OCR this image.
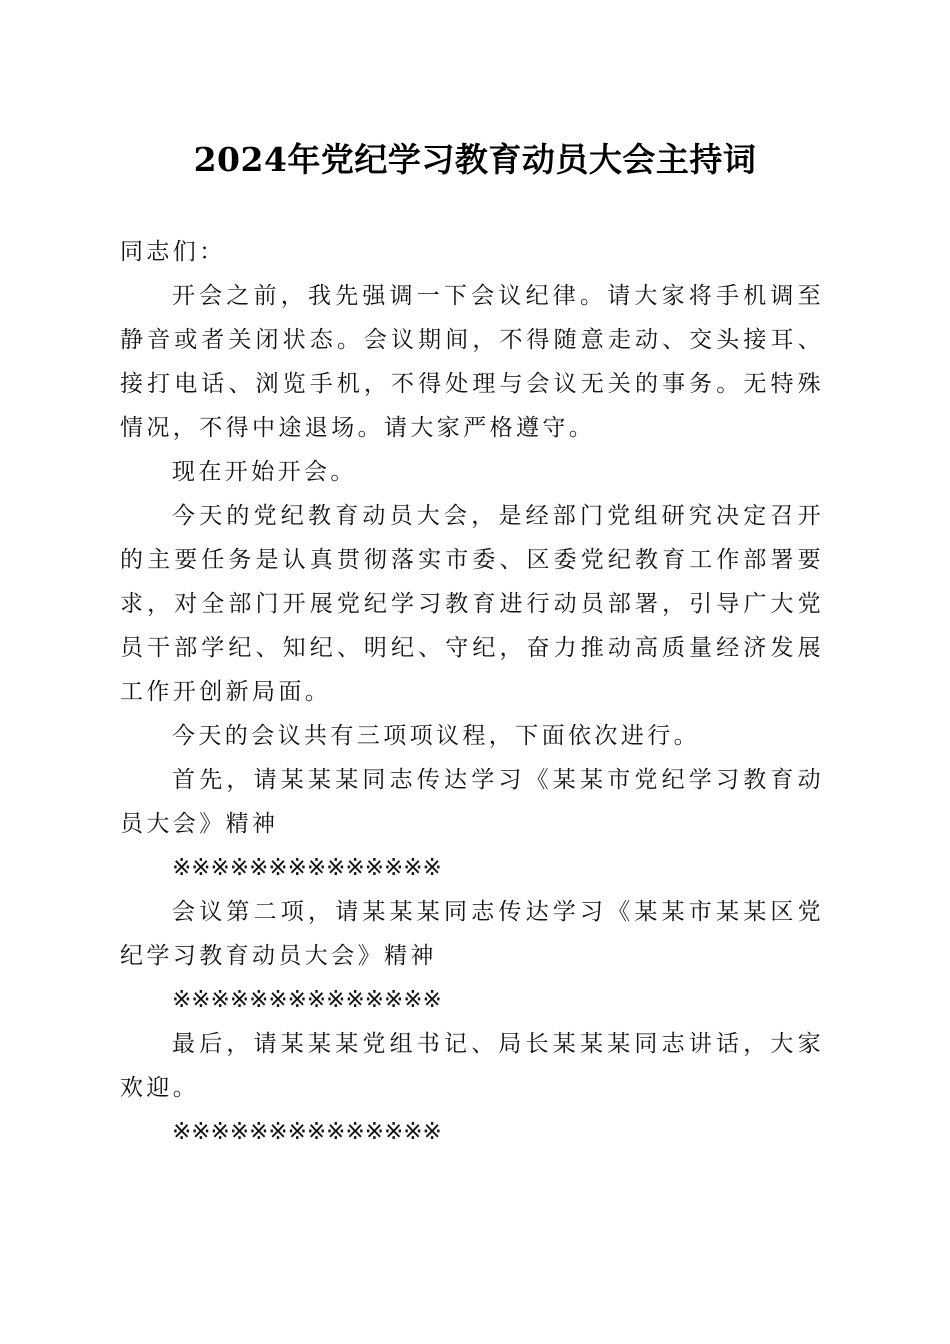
2024年党纪学习教育动员大会主持词

同志们：

开会之前，我先强调一下会议纪律。请大家将手机调至静音或者关闭状态。会议期间，不得随意走动、交头接耳、接打电话、浏览手机，不得处理与会议无关的事务。无特殊情况，不得中途退场。请大家严格遵守。

现在开始开会。

今天的党纪教育动员大会，是经部门党组研究决定召开的主要任务是认真贯彻落实市委、区委党纪教育工作部署要求，对全部门开展党纪学习教育进行动员部署，引导广大党员干部学纪、知纪、明纪、守纪，奋力推动高质量经济发展工作开创新局面。

今天的会议共有三项项议程，下面依次进行。

首先，请某某某同志传达学习《某某市党纪学习教育动员大会》精神

※※※※※※※※※※※※※※

会议第二项，请某某某同志传达学习《某某市某某区党纪学习教育动员大会》精神

※※※※※※※※※※※※※※

最后，请某某某党组书记、局长某某某同志讲话，大家欢迎。

※※※※※※※※※※※※※※
